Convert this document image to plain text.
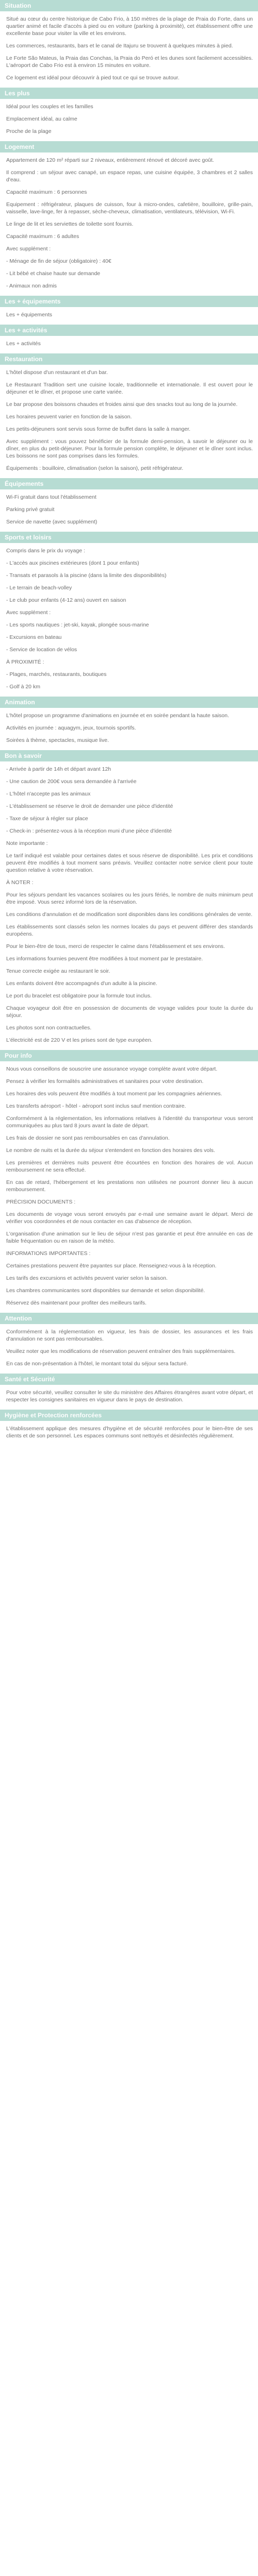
Situation

Situé au cœur du centre historique de Cabo Frio, à 150 mètres de la plage de Praia do Forte, dans un quartier animé et facile d'accès à pied ou en voiture (parking à proximité), cet établissement offre une excellente base pour visiter la ville et les environs.

Les commerces, restaurants, bars et le canal de Itajuru se trouvent à quelques minutes à pied.

Le Forte São Mateus, la Praia das Conchas, la Praia do Peró et les dunes sont facilement accessibles. L'aéroport de Cabo Frio est à environ 15 minutes en voiture.

Ce logement est idéal pour découvrir à pied tout ce qui se trouve autour.

Les plus

Idéal pour les couples et les familles

Emplacement idéal, au calme

Proche de la plage

Logement

Appartement de 120 m² réparti sur 2 niveaux, entièrement rénové et décoré avec goût.

Il comprend : un séjour avec canapé, un espace repas, une cuisine équipée, 3 chambres et 2 salles d'eau.

Capacité maximum : 6 personnes

Equipement : réfrigérateur, plaques de cuisson, four à micro-ondes, cafetière, bouilloire, grille-pain, vaisselle, lave-linge, fer à repasser, sèche-cheveux, climatisation, ventilateurs, télévision, Wi-Fi.

Le linge de lit et les serviettes de toilette sont fournis.

Capacité maximum : 6 adultes

Avec supplément :

- Ménage de fin de séjour (obligatoire) : 40€

- Lit bébé et chaise haute sur demande

- Animaux non admis

Les + équipements

Les + équipements

Les + activités

Les + activités

Restauration

L'hôtel dispose d'un restaurant et d'un bar.

Le Restaurant Tradition sert une cuisine locale, traditionnelle et internationale. Il est ouvert pour le déjeuner et le dîner, et propose une carte variée.

Le bar propose des boissons chaudes et froides ainsi que des snacks tout au long de la journée.

Les horaires peuvent varier en fonction de la saison.

Les petits-déjeuners sont servis sous forme de buffet dans la salle à manger.

Avec supplément : vous pouvez bénéficier de la formule demi-pension, à savoir le déjeuner ou le dîner, en plus du petit-déjeuner. Pour la formule pension complète, le déjeuner et le dîner sont inclus. Les boissons ne sont pas comprises dans les formules.

Équipements : bouilloire, climatisation (selon la saison), petit réfrigérateur.

Équipements

Wi-Fi gratuit dans tout l'établissement

Parking privé gratuit

Service de navette (avec supplément)

Sports et loisirs

Compris dans le prix du voyage :

- L'accès aux piscines extérieures (dont 1 pour enfants)

- Transats et parasols à la piscine (dans la limite des disponibilités)

- Le terrain de beach-volley

- Le club pour enfants (4-12 ans) ouvert en saison

Avec supplément :

- Les sports nautiques : jet-ski, kayak, plongée sous-marine

- Excursions en bateau

- Service de location de vélos

À PROXIMITÉ :

- Plages, marchés, restaurants, boutiques

- Golf à 20 km

Animation

L'hôtel propose un programme d'animations en journée et en soirée pendant la haute saison.

Activités en journée : aquagym, jeux, tournois sportifs.

Soirées à thème, spectacles, musique live.

Bon à savoir

- Arrivée à partir de 14h et départ avant 12h

- Une caution de 200€ vous sera demandée à l'arrivée

- L'hôtel n'accepte pas les animaux

- L'établissement se réserve le droit de demander une pièce d'identité

- Taxe de séjour à régler sur place

- Check-in : présentez-vous à la réception muni d'une pièce d'identité

Note importante :

Le tarif indiqué est valable pour certaines dates et sous réserve de disponibilité. Les prix et conditions peuvent être modifiés à tout moment sans préavis. Veuillez contacter notre service client pour toute question relative à votre réservation.

À NOTER :

Pour les séjours pendant les vacances scolaires ou les jours fériés, le nombre de nuits minimum peut être imposé. Vous serez informé lors de la réservation.

Les conditions d'annulation et de modification sont disponibles dans les conditions générales de vente.

Les établissements sont classés selon les normes locales du pays et peuvent différer des standards européens.

Pour le bien-être de tous, merci de respecter le calme dans l'établissement et ses environs.

Les informations fournies peuvent être modifiées à tout moment par le prestataire.

Tenue correcte exigée au restaurant le soir.

Les enfants doivent être accompagnés d'un adulte à la piscine.

Le port du bracelet est obligatoire pour la formule tout inclus.

Chaque voyageur doit être en possession de documents de voyage valides pour toute la durée du séjour.

Les photos sont non contractuelles.

L'électricité est de 220 V et les prises sont de type européen.

Pour info

Nous vous conseillons de souscrire une assurance voyage complète avant votre départ.

Pensez à vérifier les formalités administratives et sanitaires pour votre destination.

Les horaires des vols peuvent être modifiés à tout moment par les compagnies aériennes.

Les transferts aéroport - hôtel - aéroport sont inclus sauf mention contraire.

Conformément à la réglementation, les informations relatives à l'identité du transporteur vous seront communiquées au plus tard 8 jours avant la date de départ.

Les frais de dossier ne sont pas remboursables en cas d'annulation.

Le nombre de nuits et la durée du séjour s'entendent en fonction des horaires des vols.

Les premières et dernières nuits peuvent être écourtées en fonction des horaires de vol. Aucun remboursement ne sera effectué.

En cas de retard, l'hébergement et les prestations non utilisées ne pourront donner lieu à aucun remboursement.

PRÉCISION DOCUMENTS :

Les documents de voyage vous seront envoyés par e-mail une semaine avant le départ. Merci de vérifier vos coordonnées et de nous contacter en cas d'absence de réception.

L'organisation d'une animation sur le lieu de séjour n'est pas garantie et peut être annulée en cas de faible fréquentation ou en raison de la météo.

INFORMATIONS IMPORTANTES :

Certaines prestations peuvent être payantes sur place. Renseignez-vous à la réception.

Les tarifs des excursions et activités peuvent varier selon la saison.

Les chambres communicantes sont disponibles sur demande et selon disponibilité.

Réservez dès maintenant pour profiter des meilleurs tarifs.

Attention

Conformément à la réglementation en vigueur, les frais de dossier, les assurances et les frais d'annulation ne sont pas remboursables.

Veuillez noter que les modifications de réservation peuvent entraîner des frais supplémentaires.

En cas de non-présentation à l'hôtel, le montant total du séjour sera facturé.

Santé et Sécurité

Pour votre sécurité, veuillez consulter le site du ministère des Affaires étrangères avant votre départ, et respecter les consignes sanitaires en vigueur dans le pays de destination.

Hygiène et Protection renforcées

L'établissement applique des mesures d'hygiène et de sécurité renforcées pour le bien-être de ses clients et de son personnel. Les espaces communs sont nettoyés et désinfectés régulièrement.
